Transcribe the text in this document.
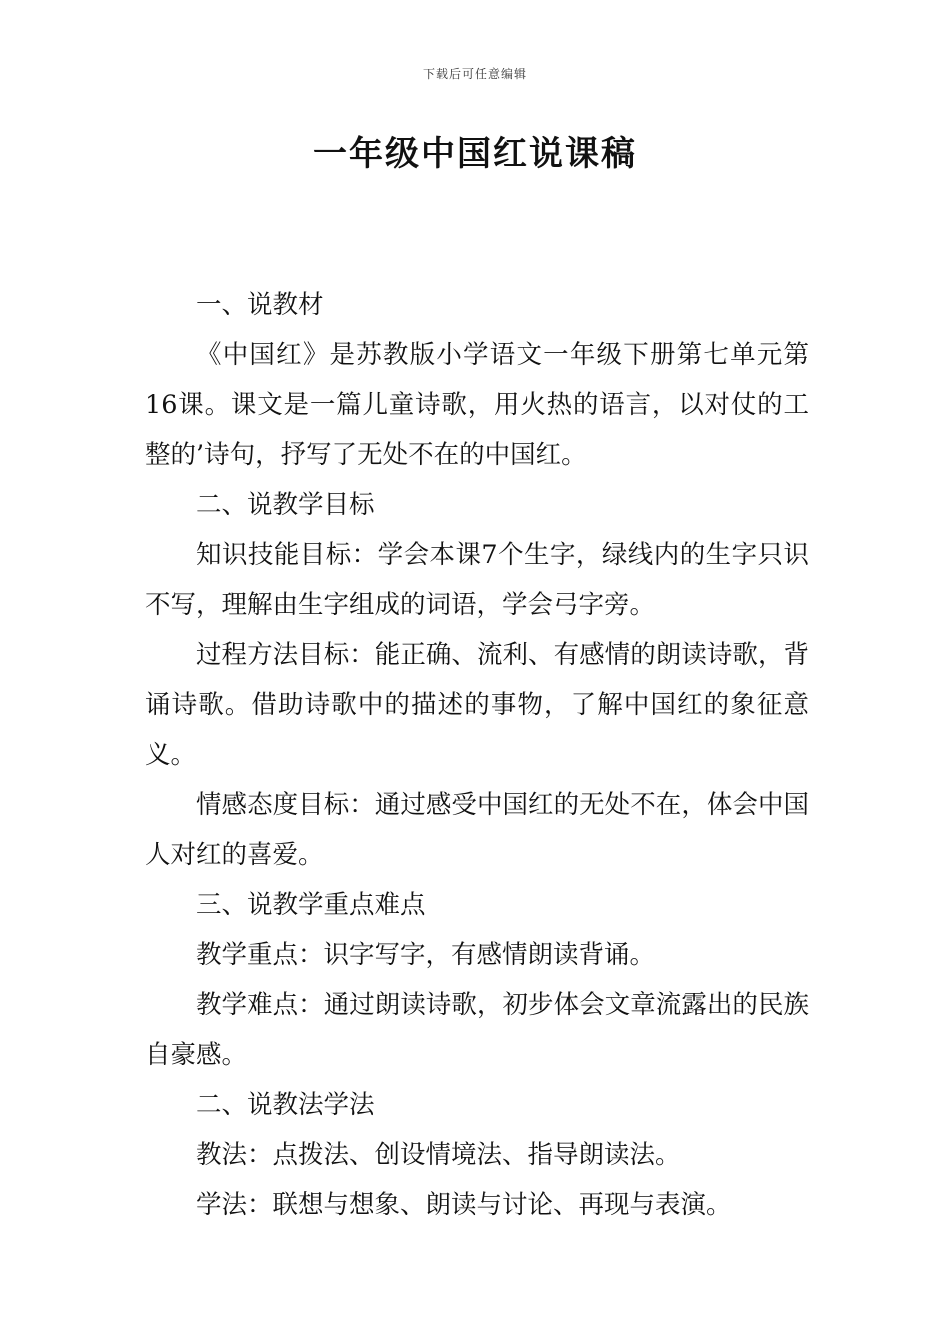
下载后可任意编辑
一年级中国红说课稿

一、说教材

《中国红》是苏教版小学语文一年级下册第七单元第16课。课文是一篇儿童诗歌，用火热的语言，以对仗的工整的’诗句，抒写了无处不在的中国红。

二、说教学目标

知识技能目标：学会本课7个生字，绿线内的生字只识不写，理解由生字组成的词语，学会弓字旁。

过程方法目标：能正确、流利、有感情的朗读诗歌，背诵诗歌。借助诗歌中的描述的事物，了解中国红的象征意义。

情感态度目标：通过感受中国红的无处不在，体会中国人对红的喜爱。

三、说教学重点难点

教学重点：识字写字，有感情朗读背诵。

教学难点：通过朗读诗歌，初步体会文章流露出的民族自豪感。

二、说教法学法

教法：点拨法、创设情境法、指导朗读法。

学法：联想与想象、朗读与讨论、再现与表演。
